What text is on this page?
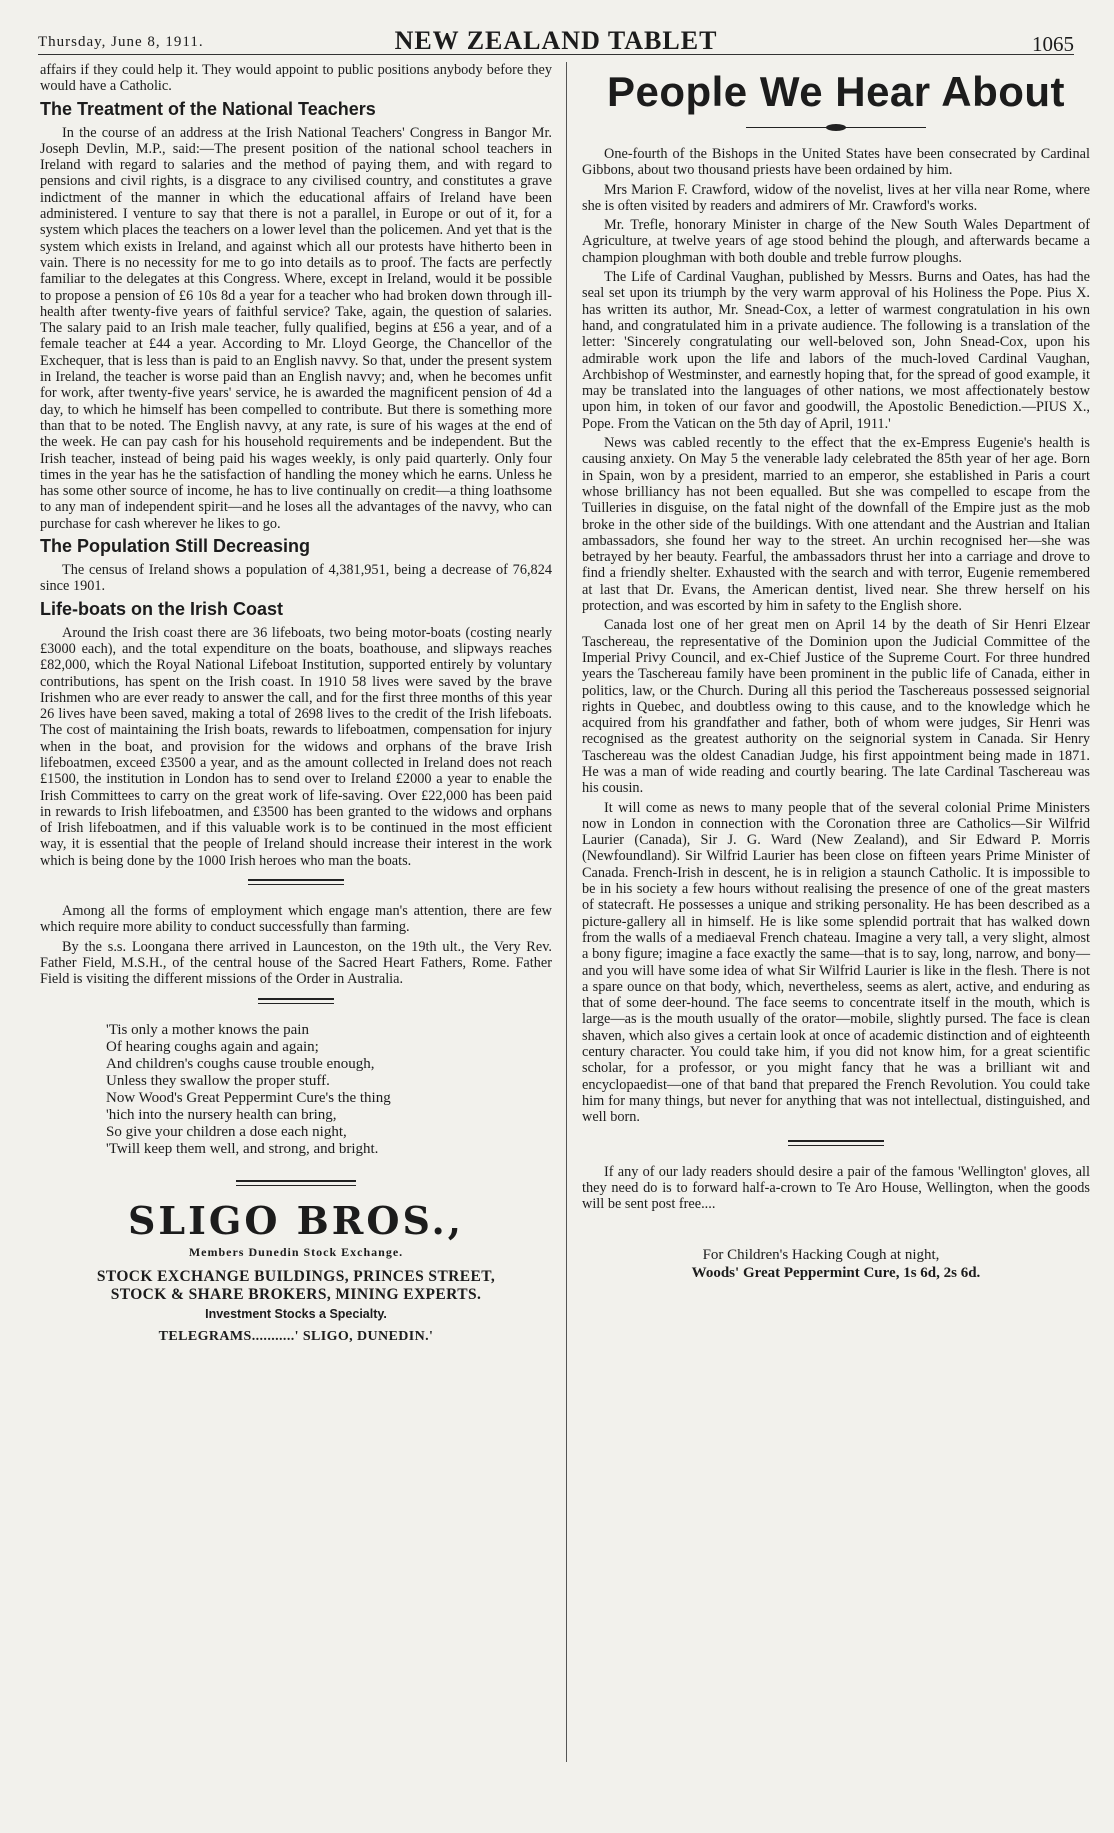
Thursday, June 8, 1911.	NEW ZEALAND TABLET	1065

affairs if they could help it. They would appoint to public positions anybody before they would have a Catholic.

The Treatment of the National Teachers

In the course of an address at the Irish National Teachers' Congress in Bangor Mr. Joseph Devlin, M.P., said:—The present position of the national school teachers in Ireland with regard to salaries and the method of paying them, and with regard to pensions and civil rights, is a disgrace to any civilised country, and constitutes a grave indictment of the manner in which the educational affairs of Ireland have been administered. I venture to say that there is not a parallel, in Europe or out of it, for a system which places the teachers on a lower level than the policemen. And yet that is the system which exists in Ireland, and against which all our protests have hitherto been in vain. There is no necessity for me to go into details as to proof. The facts are perfectly familiar to the delegates at this Congress. Where, except in Ireland, would it be possible to propose a pension of £6 10s 8d a year for a teacher who had broken down through ill-health after twenty-five years of faithful service? Take, again, the question of salaries. The salary paid to an Irish male teacher, fully qualified, begins at £56 a year, and of a female teacher at £44 a year. According to Mr. Lloyd George, the Chancellor of the Exchequer, that is less than is paid to an English navvy. So that, under the present system in Ireland, the teacher is worse paid than an English navvy; and, when he becomes unfit for work, after twenty-five years' service, he is awarded the magnificent pension of 4d a day, to which he himself has been compelled to contribute. But there is something more than that to be noted. The English navvy, at any rate, is sure of his wages at the end of the week. He can pay cash for his household requirements and be independent. But the Irish teacher, instead of being paid his wages weekly, is only paid quarterly. Only four times in the year has he the satisfaction of handling the money which he earns. Unless he has some other source of income, he has to live continually on credit—a thing loathsome to any man of independent spirit—and he loses all the advantages of the navvy, who can purchase for cash wherever he likes to go.

The Population Still Decreasing

The census of Ireland shows a population of 4,381,951, being a decrease of 76,824 since 1901.

Life-boats on the Irish Coast

Around the Irish coast there are 36 lifeboats, two being motor-boats (costing nearly £3000 each), and the total expenditure on the boats, boathouse, and slipways reaches £82,000, which the Royal National Lifeboat Institution, supported entirely by voluntary contributions, has spent on the Irish coast. In 1910 58 lives were saved by the brave Irishmen who are ever ready to answer the call, and for the first three months of this year 26 lives have been saved, making a total of 2698 lives to the credit of the Irish lifeboats. The cost of maintaining the Irish boats, rewards to lifeboatmen, compensation for injury when in the boat, and provision for the widows and orphans of the brave Irish lifeboatmen, exceed £3500 a year, and as the amount collected in Ireland does not reach £1500, the institution in London has to send over to Ireland £2000 a year to enable the Irish Committees to carry on the great work of life-saving. Over £22,000 has been paid in rewards to Irish lifeboatmen, and £3500 has been granted to the widows and orphans of Irish lifeboatmen, and if this valuable work is to be continued in the most efficient way, it is essential that the people of Ireland should increase their interest in the work which is being done by the 1000 Irish heroes who man the boats.

Among all the forms of employment which engage man's attention, there are few which require more ability to conduct successfully than farming.

By the s.s. Loongana there arrived in Launceston, on the 19th ult., the Very Rev. Father Field, M.S.H., of the central house of the Sacred Heart Fathers, Rome. Father Field is visiting the different missions of the Order in Australia.

'Tis only a mother knows the pain
Of hearing coughs again and again;
And children's coughs cause trouble enough,
Unless they swallow the proper stuff.
Now Wood's Great Peppermint Cure's the thing
'hich into the nursery health can bring,
So give your children a dose each night,
'Twill keep them well, and strong, and bright.
SLIGO BROS.,
Members Dunedin Stock Exchange.
STOCK EXCHANGE BUILDINGS, PRINCES STREET,
STOCK & SHARE BROKERS, MINING EXPERTS.
Investment Stocks a Specialty.
TELEGRAMS...........' SLIGO, DUNEDIN.'
People We Hear About

One-fourth of the Bishops in the United States have been consecrated by Cardinal Gibbons, about two thousand priests have been ordained by him.

Mrs Marion F. Crawford, widow of the novelist, lives at her villa near Rome, where she is often visited by readers and admirers of Mr. Crawford's works.

Mr. Trefle, honorary Minister in charge of the New South Wales Department of Agriculture, at twelve years of age stood behind the plough, and afterwards became a champion ploughman with both double and treble furrow ploughs.

The Life of Cardinal Vaughan, published by Messrs. Burns and Oates, has had the seal set upon its triumph by the very warm approval of his Holiness the Pope. Pius X. has written its author, Mr. Snead-Cox, a letter of warmest congratulation in his own hand, and congratulated him in a private audience. The following is a translation of the letter: 'Sincerely congratulating our well-beloved son, John Snead-Cox, upon his admirable work upon the life and labors of the much-loved Cardinal Vaughan, Archbishop of Westminster, and earnestly hoping that, for the spread of good example, it may be translated into the languages of other nations, we most affectionately bestow upon him, in token of our favor and goodwill, the Apostolic Benediction.—PIUS X., Pope. From the Vatican on the 5th day of April, 1911.'

News was cabled recently to the effect that the ex-Empress Eugenie's health is causing anxiety. On May 5 the venerable lady celebrated the 85th year of her age. Born in Spain, won by a president, married to an emperor, she established in Paris a court whose brilliancy has not been equalled. But she was compelled to escape from the Tuilleries in disguise, on the fatal night of the downfall of the Empire just as the mob broke in the other side of the buildings. With one attendant and the Austrian and Italian ambassadors, she found her way to the street. An urchin recognised her—she was betrayed by her beauty. Fearful, the ambassadors thrust her into a carriage and drove to find a friendly shelter. Exhausted with the search and with terror, Eugenie remembered at last that Dr. Evans, the American dentist, lived near. She threw herself on his protection, and was escorted by him in safety to the English shore.

Canada lost one of her great men on April 14 by the death of Sir Henri Elzear Taschereau, the representative of the Dominion upon the Judicial Committee of the Imperial Privy Council, and ex-Chief Justice of the Supreme Court. For three hundred years the Taschereau family have been prominent in the public life of Canada, either in politics, law, or the Church. During all this period the Taschereaus possessed seignorial rights in Quebec, and doubtless owing to this cause, and to the knowledge which he acquired from his grandfather and father, both of whom were judges, Sir Henri was recognised as the greatest authority on the seignorial system in Canada. Sir Henry Taschereau was the oldest Canadian Judge, his first appointment being made in 1871. He was a man of wide reading and courtly bearing. The late Cardinal Taschereau was his cousin.

It will come as news to many people that of the several colonial Prime Ministers now in London in connection with the Coronation three are Catholics—Sir Wilfrid Laurier (Canada), Sir J. G. Ward (New Zealand), and Sir Edward P. Morris (Newfoundland). Sir Wilfrid Laurier has been close on fifteen years Prime Minister of Canada. French-Irish in descent, he is in religion a staunch Catholic. It is impossible to be in his society a few hours without realising the presence of one of the great masters of statecraft. He possesses a unique and striking personality. He has been described as a picture-gallery all in himself. He is like some splendid portrait that has walked down from the walls of a mediaeval French chateau. Imagine a very tall, a very slight, almost a bony figure; imagine a face exactly the same—that is to say, long, narrow, and bony—and you will have some idea of what Sir Wilfrid Laurier is like in the flesh. There is not a spare ounce on that body, which, nevertheless, seems as alert, active, and enduring as that of some deer-hound. The face seems to concentrate itself in the mouth, which is large—as is the mouth usually of the orator—mobile, slightly pursed. The face is clean shaven, which also gives a certain look at once of academic distinction and of eighteenth century character. You could take him, if you did not know him, for a great scientific scholar, for a professor, or you might fancy that he was a brilliant wit and encyclopaedist—one of that band that prepared the French Revolution. You could take him for many things, but never for anything that was not intellectual, distinguished, and well born.

If any of our lady readers should desire a pair of the famous 'Wellington' gloves, all they need do is to forward half-a-crown to Te Aro House, Wellington, when the goods will be sent post free....

For Children's Hacking Cough at night,
Woods' Great Peppermint Cure, 1s 6d, 2s 6d.
